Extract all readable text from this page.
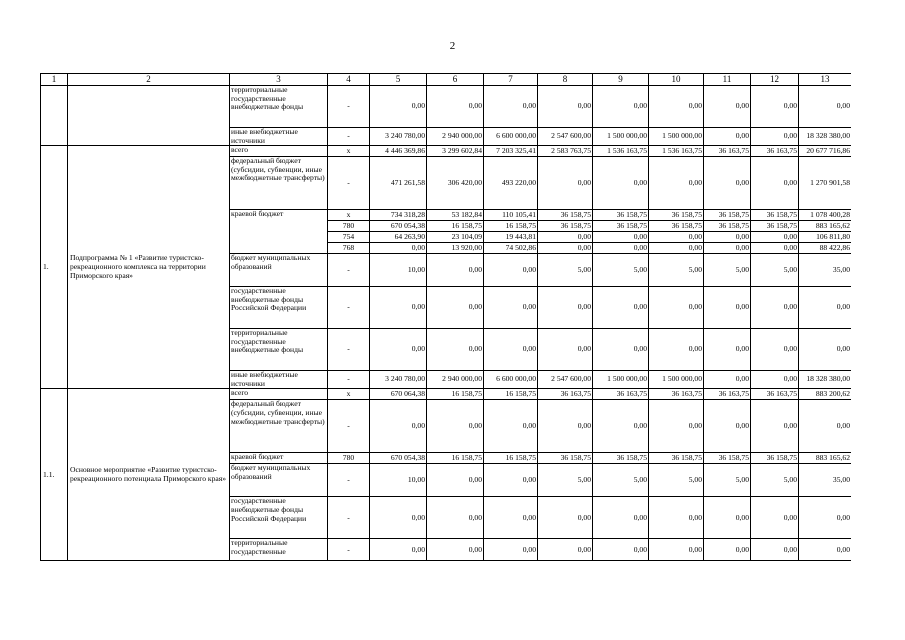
2
1	2	3	4	5	6	7	8	9	10	11	12	13
		территориальные государственные внебюджетные фонды	-	0,00	0,00	0,00	0,00	0,00	0,00	0,00	0,00	0,00
		иные внебюджетные источники	-	3 240 780,00	2 940 000,00	6 600 000,00	2 547 600,00	1 500 000,00	1 500 000,00	0,00	0,00	18 328 380,00
1.	Подпрограмма № 1 «Развитие туристско-рекреационного комплекса на территории Приморского края»	всего	x	4 446 369,86	3 299 602,84	7 203 325,41	2 583 763,75	1 536 163,75	1 536 163,75	36 163,75	36 163,75	20 677 716,86
		федеральный бюджет (субсидии, субвенции, иные межбюджетные трансферты)	-	471 261,58	306 420,00	493 220,00	0,00	0,00	0,00	0,00	0,00	1 270 901,58
		краевой бюджет	x	734 318,28	53 182,84	110 105,41	36 158,75	36 158,75	36 158,75	36 158,75	36 158,75	1 078 400,28
			780	670 054,38	16 158,75	16 158,75	36 158,75	36 158,75	36 158,75	36 158,75	36 158,75	883 165,62
			754	64 263,90	23 104,09	19 443,81	0,00	0,00	0,00	0,00	0,00	106 811,80
			768	0,00	13 920,00	74 502,86	0,00	0,00	0,00	0,00	0,00	88 422,86
		бюджет муниципальных образований	-	10,00	0,00	0,00	5,00	5,00	5,00	5,00	5,00	35,00
		государственные внебюджетные фонды Российской Федерации	-	0,00	0,00	0,00	0,00	0,00	0,00	0,00	0,00	0,00
		территориальные государственные внебюджетные фонды	-	0,00	0,00	0,00	0,00	0,00	0,00	0,00	0,00	0,00
		иные внебюджетные источники	-	3 240 780,00	2 940 000,00	6 600 000,00	2 547 600,00	1 500 000,00	1 500 000,00	0,00	0,00	18 328 380,00
1.1.	Основное мероприятие «Развитие туристско-рекреационного потенциала Приморского края»	всего	x	670 064,38	16 158,75	16 158,75	36 163,75	36 163,75	36 163,75	36 163,75	36 163,75	883 200,62
		федеральный бюджет (субсидии, субвенции, иные межбюджетные трансферты)	-	0,00	0,00	0,00	0,00	0,00	0,00	0,00	0,00	0,00
		краевой бюджет	780	670 054,38	16 158,75	16 158,75	36 158,75	36 158,75	36 158,75	36 158,75	36 158,75	883 165,62
		бюджет муниципальных образований	-	10,00	0,00	0,00	5,00	5,00	5,00	5,00	5,00	35,00
		государственные внебюджетные фонды Российской Федерации	-	0,00	0,00	0,00	0,00	0,00	0,00	0,00	0,00	0,00
		территориальные государственные	-	0,00	0,00	0,00	0,00	0,00	0,00	0,00	0,00	0,00
